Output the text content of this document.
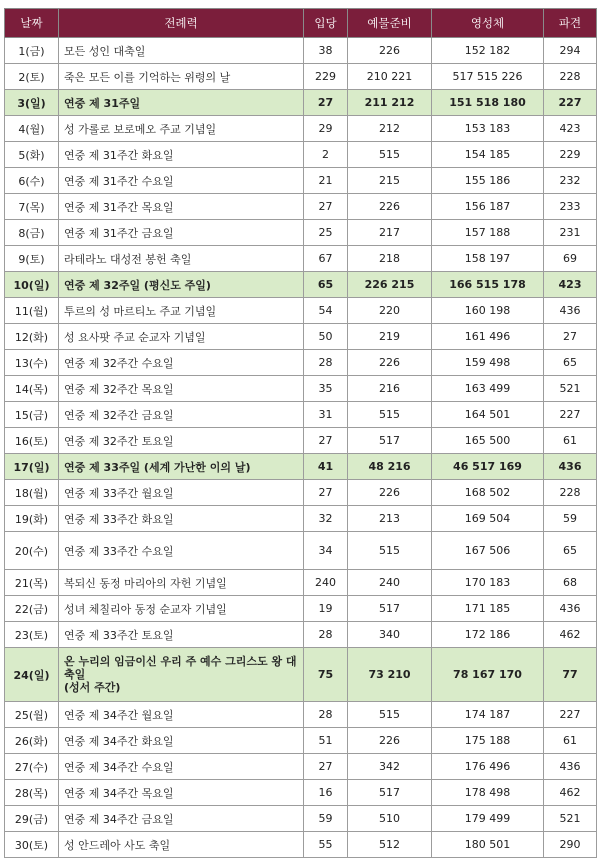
날짜	전례력	입당	예물준비	영성체	파견
1(금)	모든 성인 대축일	38	226	152 182	294
2(토)	죽은 모든 이를 기억하는 위령의 날	229	210 221	517 515 226	228
3(일)	연중 제 31주일	27	211 212	151 518 180	227
4(월)	성 가롤로 보로메오 주교 기념일	29	212	153 183	423
5(화)	연중 제 31주간 화요일	2	515	154 185	229
6(수)	연중 제 31주간 수요일	21	215	155 186	232
7(목)	연중 제 31주간 목요일	27	226	156 187	233
8(금)	연중 제 31주간 금요일	25	217	157 188	231
9(토)	라테라노 대성전 봉헌 축일	67	218	158 197	69
10(일)	연중 제 32주일 (평신도 주일)	65	226 215	166 515 178	423
11(월)	투르의 성 마르티노 주교 기념일	54	220	160 198	436
12(화)	성 요사팟 주교 순교자 기념일	50	219	161 496	27
13(수)	연중 제 32주간 수요일	28	226	159 498	65
14(목)	연중 제 32주간 목요일	35	216	163 499	521
15(금)	연중 제 32주간 금요일	31	515	164 501	227
16(토)	연중 제 32주간 토요일	27	517	165 500	61
17(일)	연중 제 33주일 (세계 가난한 이의 날)	41	48 216	46 517 169	436
18(월)	연중 제 33주간 월요일	27	226	168 502	228
19(화)	연중 제 33주간 화요일	32	213	169 504	59
20(수)	연중 제 33주간 수요일	34	515	167 506	65
21(목)	복되신 동정 마리아의 자헌 기념일	240	240	170 183	68
22(금)	성녀 체칠리아 동정 순교자 기념일	19	517	171 185	436
23(토)	연중 제 33주간 토요일	28	340	172 186	462
24(일)	온 누리의 임금이신 우리 주 예수 그리스도 왕 대축일
(성서 주간)	75	73 210	78 167 170	77
25(월)	연중 제 34주간 월요일	28	515	174 187	227
26(화)	연중 제 34주간 화요일	51	226	175 188	61
27(수)	연중 제 34주간 수요일	27	342	176 496	436
28(목)	연중 제 34주간 목요일	16	517	178 498	462
29(금)	연중 제 34주간 금요일	59	510	179 499	521
30(토)	성 안드레아 사도 축일	55	512	180 501	290
